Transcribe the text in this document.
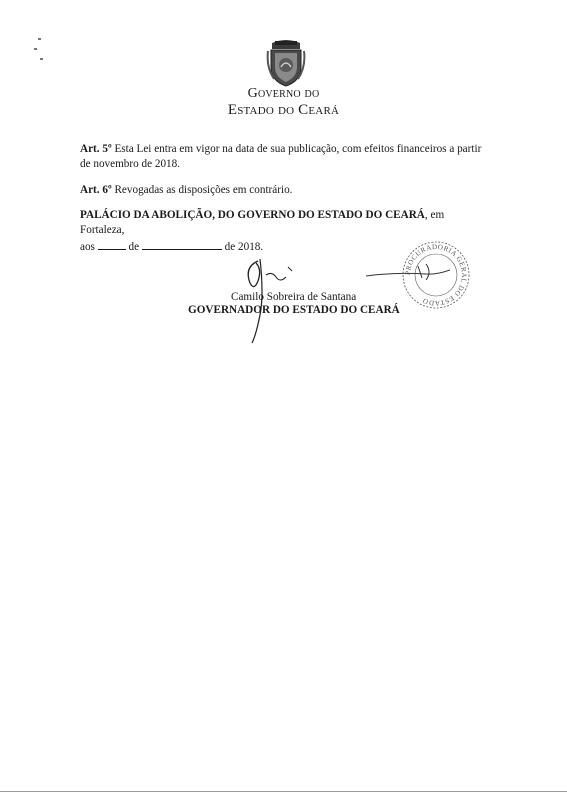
Governo do
Estado do Ceará

Art. 5º Esta Lei entra em vigor na data de sua publicação, com efeitos financeiros a partir de novembro de 2018.

Art. 6º Revogadas as disposições em contrário.

PALÁCIO DA ABOLIÇÃO, DO GOVERNO DO ESTADO DO CEARÁ, em Fortaleza,
aos	de	de 2018.

PROCURADORIA GERAL DO ESTADO
Camilo Sobreira de Santana
GOVERNADOR DO ESTADO DO CEARÁ
